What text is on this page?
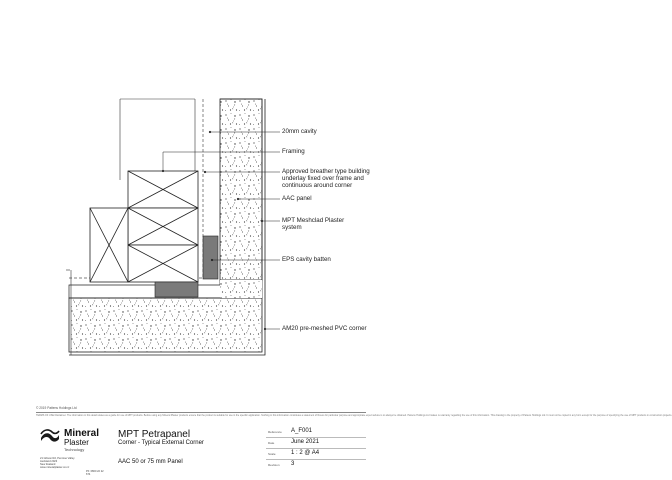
20mm cavity
Framing
Approved breather type building underlay fixed over frame and continuous around corner
AAC panel
MPT Meshclad Plaster system
EPS cavity batten
AM20 pre-meshed PVC corner
© 2019 Pattens Holdings Ltd
TERMS OF USE Disclaimer. The information in this detail relates as a guide for use of MPT products. Before using any Mineral Plaster products ensure that the product is suitable for use in the specific application. Nothing in this information constitutes a statement of fitness for particular purpose and appropriate expert advice is to always be obtained. Pattens Holdings Ltd makes no warranty regarding the use of this information. This drawing is the property of Pattens Holdings Ltd. It must not be copied in any form except for the purpose of specifying the use of MPT products in construction projects.
Mineral
Plaster
Technology
21 Gibson Rd, Penrose Valley
Auckland 2023
New Zealand
www.mineralplaster.co.nz
Ph: 0800 22 22 674
MPT Petrapanel
Corner - Typical External Corner
AAC 50 or 75 mm Panel
Reference A_F001
Date	June 2021
Scale	1 : 2 @ A4
Revision 3
